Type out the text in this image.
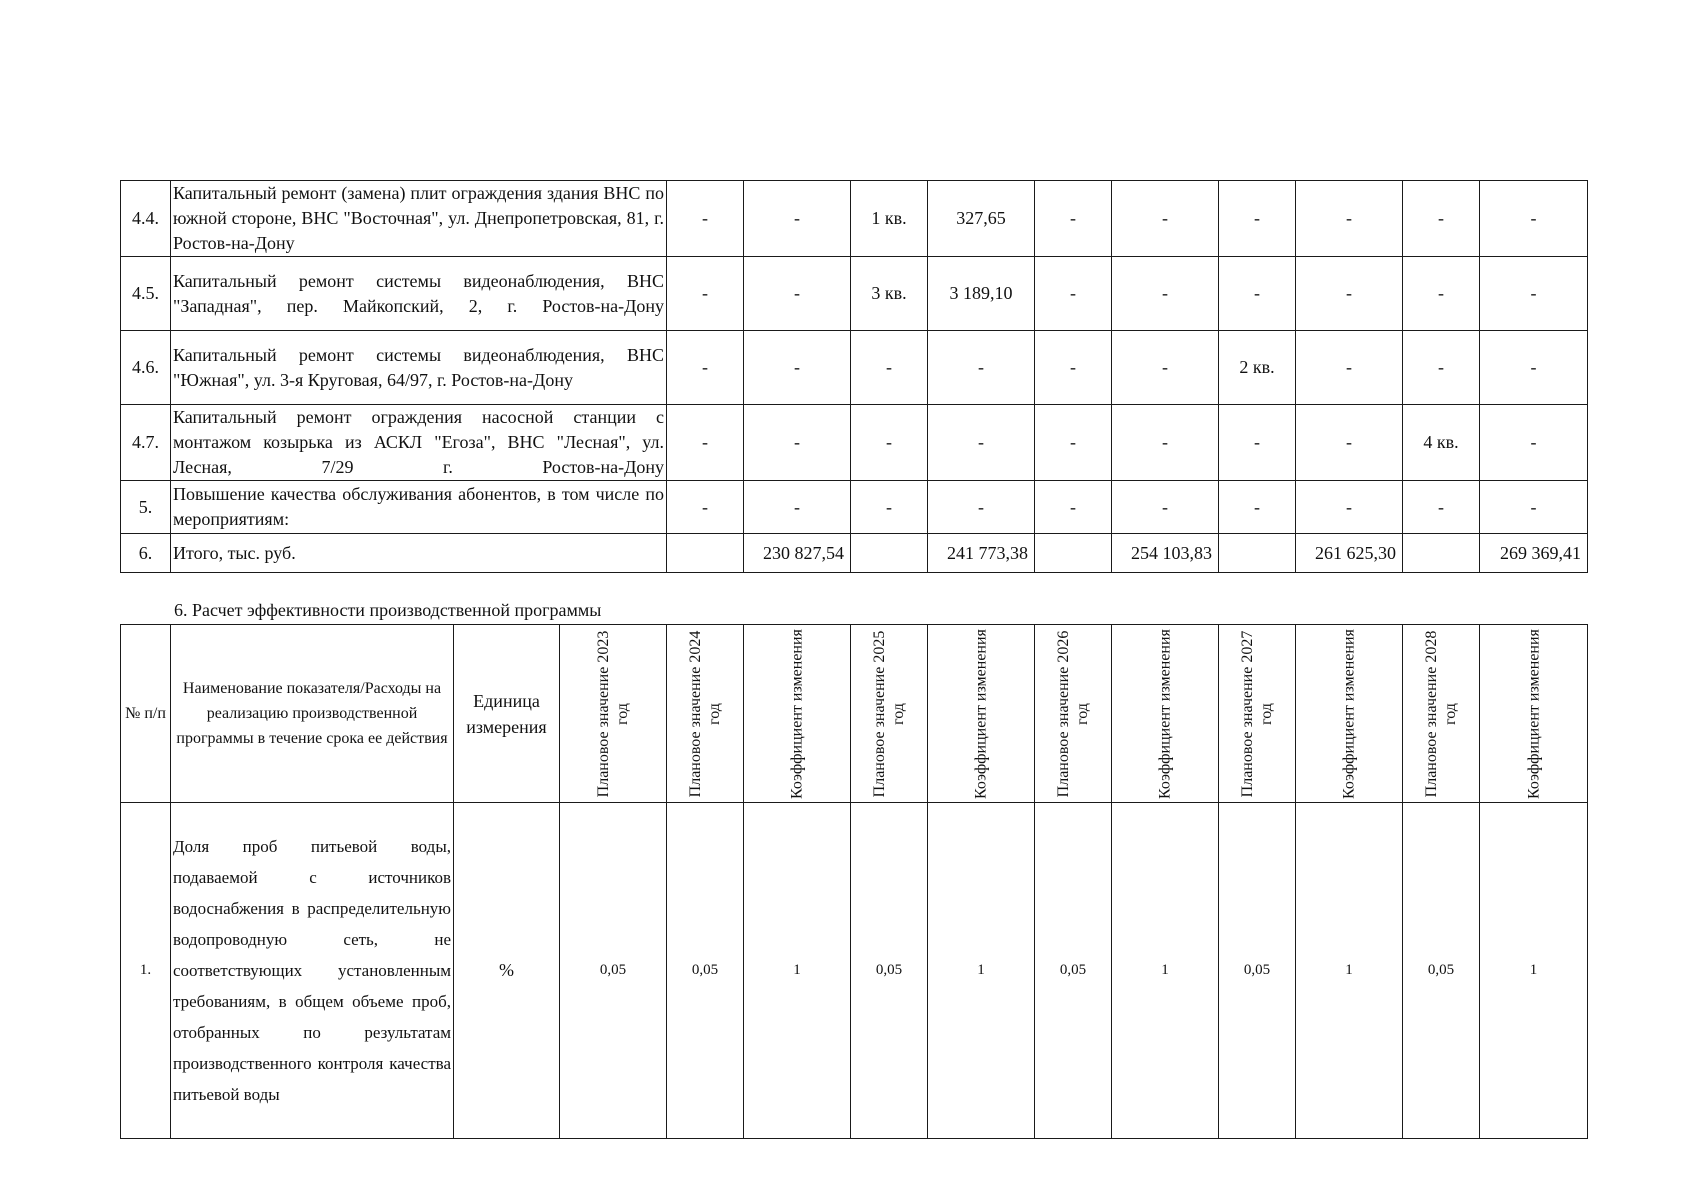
4.4.	Капитальный ремонт (замена) плит ограждения здания ВНС по южной стороне, ВНС "Восточная", ул. Днепропетровская, 81, г. Ростов-на-Дону	-	-	1 кв.	327,65	-	-	-	-	-	-
4.5.	Капитальный ремонт системы видеонаблюдения, ВНС "Западная", пер. Майкопский, 2, г. Ростов-на-Дону	-	-	3 кв.	3 189,10	-	-	-	-	-	-
4.6.	Капитальный ремонт системы видеонаблюдения, ВНС "Южная", ул. 3-я Круговая, 64/97, г. Ростов-на-Дону	-	-	-	-	-	-	2 кв.	-	-	-
4.7.	Капитальный ремонт ограждения насосной станции с монтажом козырька из АСКЛ "Егоза", ВНС "Лесная", ул. Лесная, 7/29 г. Ростов-на-Дону	-	-	-	-	-	-	-	-	4 кв.	-
5.	Повышение качества обслуживания абонентов, в том числе по мероприятиям:	-	-	-	-	-	-	-	-	-	-
6.	Итого, тыс. руб.		230 827,54		241 773,38		254 103,83		261 625,30		269 369,41
6. Расчет эффективности производственной программы
№ п/п	Наименование показателя/Расходы на реализацию производственной программы в течение срока ее действия	Единица измерения	Плановое значение 2023 год	Плановое значение 2024 год	Коэффициент изменения	Плановое значение 2025 год	Коэффициент изменения	Плановое значение 2026 год	Коэффициент изменения	Плановое значение 2027 год	Коэффициент изменения	Плановое значение 2028 год	Коэффициент изменения

1.	Доля проб питьевой воды, подаваемой с источников водоснабжения в распределительную водопроводную сеть, не соответствующих установленным требованиям, в общем объеме проб, отобранных по результатам производственного контроля качества питьевой воды	%	0,05	0,05	1	0,05	1	0,05	1	0,05	1	0,05	1
